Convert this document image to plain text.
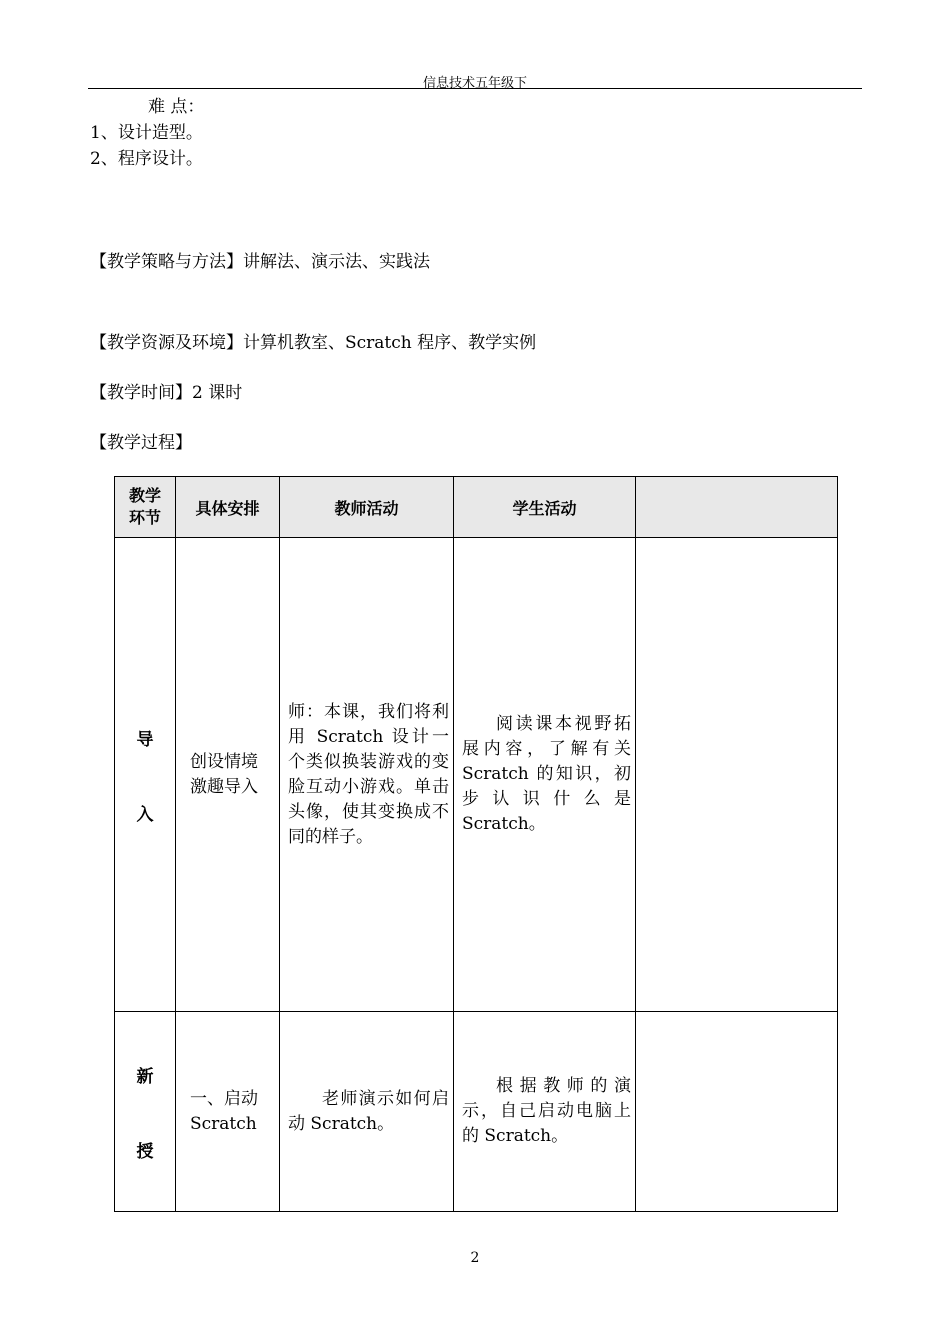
信息技术五年级下
难 点：
1、设计造型。
2、程序设计。
【教学策略与方法】讲解法、演示法、实践法
【教学资源及环境】计算机教室、Scratch 程序、教学实例
【教学时间】2 课时
【教学过程】
教学环节	具体安排	教师活动	学生活动	

导
入	创设情境激趣导入	师：本课，我们将利用 Scratch 设计一个类似换装游戏的变脸互动小游戏。单击头像，使其变换成不同的样子。	阅读课本视野拓展内容，了解有关 Scratch 的知识，初步认识什么是 Scratch。	

新
授	一、启动 Scratch	老师演示如何启动 Scratch。	根据教师的演示，自己启动电脑上的 Scratch。	
2
